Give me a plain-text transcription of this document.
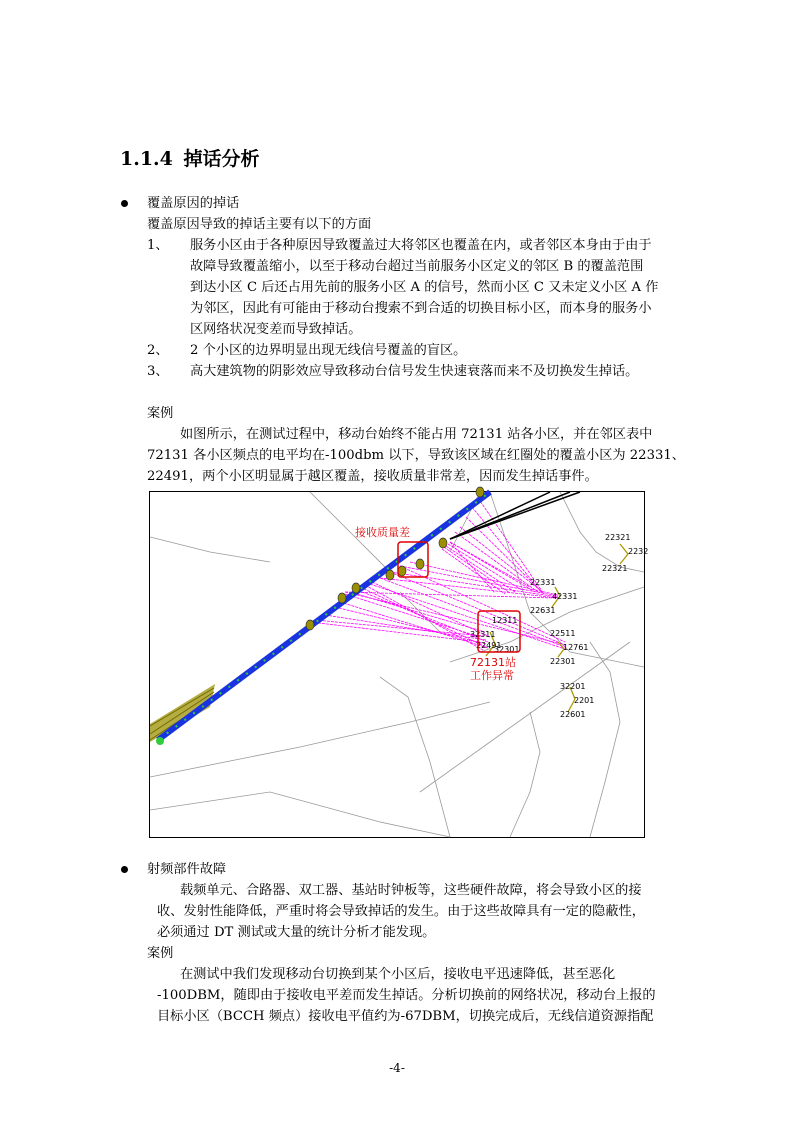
1.1.4 掉话分析
覆盖原因的掉话
覆盖原因导致的掉话主要有以下的方面
1、 服务小区由于各种原因导致覆盖过大将邻区也覆盖在内，或者邻区本身由于由于
故障导致覆盖缩小，以至于移动台超过当前服务小区定义的邻区 B 的覆盖范围
到达小区 C 后还占用先前的服务小区 A 的信号，然而小区 C 又未定义小区 A 作
为邻区，因此有可能由于移动台搜索不到合适的切换目标小区，而本身的服务小
区网络状况变差而导致掉话。
2、 2 个小区的边界明显出现无线信号覆盖的盲区。
3、 高大建筑物的阴影效应导致移动台信号发生快速衰落而来不及切换发生掉话。
案例
如图所示，在测试过程中，移动台始终不能占用 72131 站各小区，并在邻区表中
72131 各小区频点的电平均在-100dbm 以下，导致该区域在红圈处的覆盖小区为 22331、
22491，两个小区明显属于越区覆盖，接收质量非常差，因而发生掉话事件。
22321
2232
22321
22331
42331
22631
22511
12311
32311
32301	12761
22301
32201
2201
22601
22491
接收质量差
72131站
工作异常
射频部件故障
载频单元、合路器、双工器、基站时钟板等，这些硬件故障，将会导致小区的接
收、发射性能降低，严重时将会导致掉话的发生。由于这些故障具有一定的隐蔽性，
必须通过 DT 测试或大量的统计分析才能发现。
案例
在测试中我们发现移动台切换到某个小区后，接收电平迅速降低，甚至恶化
-100DBM，随即由于接收电平差而发生掉话。分析切换前的网络状况，移动台上报的
目标小区（BCCH 频点）接收电平值约为-67DBM，切换完成后，无线信道资源指配
-4-
